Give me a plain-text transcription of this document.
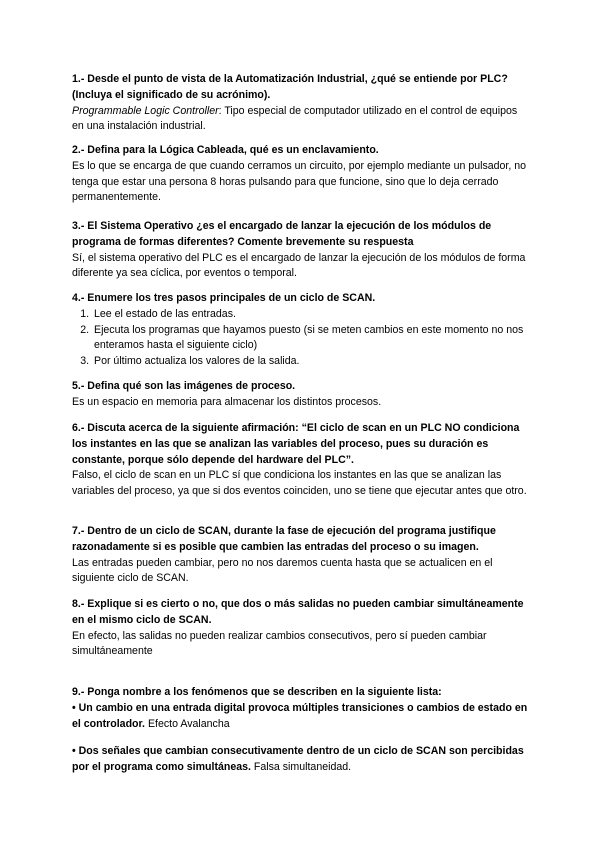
1.- Desde el punto de vista de la Automatización Industrial, ¿qué se entiende por PLC? (Incluya el significado de su acrónimo).
Programmable Logic Controller: Tipo especial de computador utilizado en el control de equipos en una instalación industrial.
2.- Defina para la Lógica Cableada, qué es un enclavamiento.
Es lo que se encarga de que cuando cerramos un circuito, por ejemplo mediante un pulsador, no tenga que estar una persona 8 horas pulsando para que funcione, sino que lo deja cerrado permanentemente.
3.- El Sistema Operativo ¿es el encargado de lanzar la ejecución de los módulos de programa de formas diferentes? Comente brevemente su respuesta
Sí, el sistema operativo del PLC es el encargado de lanzar la ejecución de los módulos de forma diferente ya sea cíclica, por eventos o temporal.
4.- Enumere los tres pasos principales de un ciclo de SCAN.
1. Lee el estado de las entradas.
2. Ejecuta los programas que hayamos puesto (si se meten cambios en este momento no nos enteramos hasta el siguiente ciclo)
3. Por último actualiza los valores de la salida.
5.- Defina qué son las imágenes de proceso.
Es un espacio en memoria para almacenar los distintos procesos.
6.- Discuta acerca de la siguiente afirmación: “El ciclo de scan en un PLC NO condiciona los instantes en las que se analizan las variables del proceso, pues su duración es constante, porque sólo depende del hardware del PLC”.
Falso, el ciclo de scan en un PLC sí que condiciona los instantes en las que se analizan las variables del proceso, ya que si dos eventos coinciden, uno se tiene que ejecutar antes que otro.
7.- Dentro de un ciclo de SCAN, durante la fase de ejecución del programa justifique razonadamente si es posible que cambien las entradas del proceso o su imagen.
Las entradas pueden cambiar, pero no nos daremos cuenta hasta que se actualicen en el siguiente ciclo de SCAN.
8.- Explique si es cierto o no, que dos o más salidas no pueden cambiar simultáneamente en el mismo ciclo de SCAN.
En efecto, las salidas no pueden realizar cambios consecutivos, pero sí pueden cambiar simultáneamente
9.- Ponga nombre a los fenómenos que se describen en la siguiente lista:
• Un cambio en una entrada digital provoca múltiples transiciones o cambios de estado en el controlador. Efecto Avalancha
• Dos señales que cambian consecutivamente dentro de un ciclo de SCAN son percibidas por el programa como simultáneas. Falsa simultaneidad.
